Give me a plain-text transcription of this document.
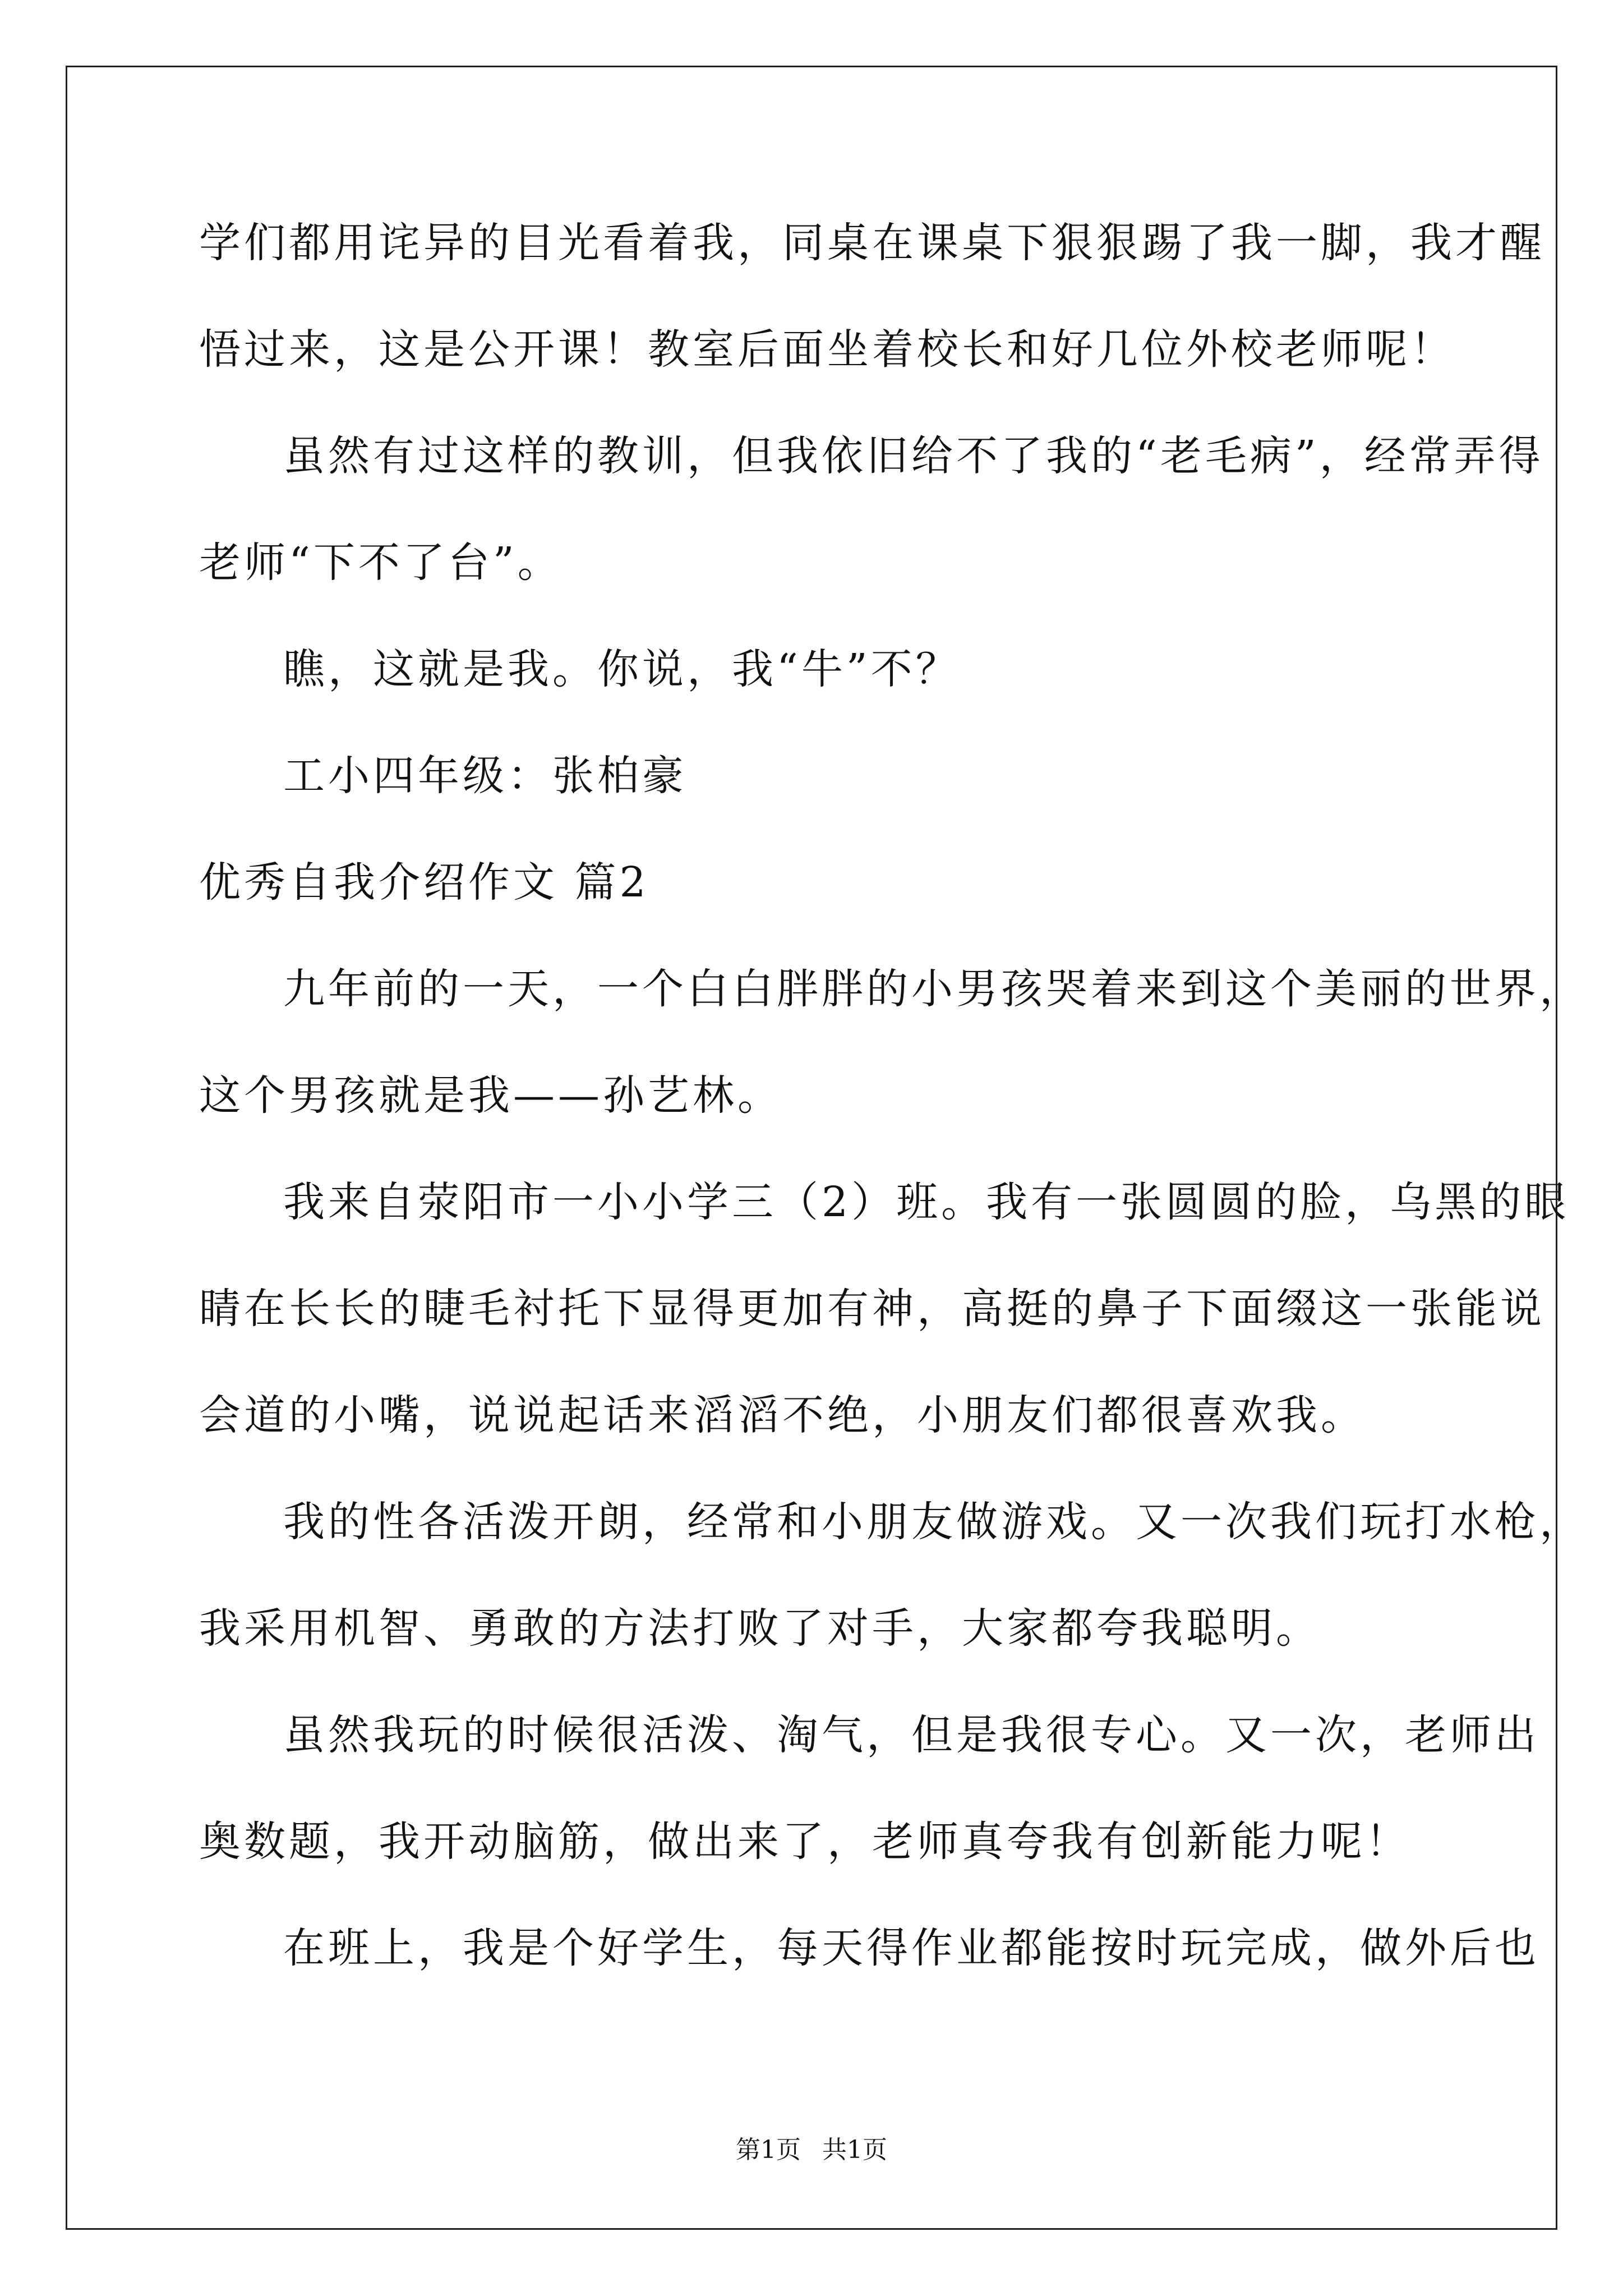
学们都用诧异的目光看着我，同桌在课桌下狠狠踢了我一脚，我才醒
悟过来，这是公开课！教室后面坐着校长和好几位外校老师呢！
虽然有过这样的教训，但我依旧给不了我的“老毛病”，经常弄得
老师“下不了台”。
瞧，这就是我。你说，我“牛”不？
工小四年级：张柏豪
优秀自我介绍作文 篇2
九年前的一天，一个白白胖胖的小男孩哭着来到这个美丽的世界，
这个男孩就是我——孙艺林。
我来自荥阳市一小小学三（2）班。我有一张圆圆的脸，乌黑的眼
睛在长长的睫毛衬托下显得更加有神，高挺的鼻子下面缀这一张能说
会道的小嘴，说说起话来滔滔不绝，小朋友们都很喜欢我。
我的性各活泼开朗，经常和小朋友做游戏。又一次我们玩打水枪，
我采用机智、勇敢的方法打败了对手，大家都夸我聪明。
虽然我玩的时候很活泼、淘气，但是我很专心。又一次，老师出
奥数题，我开动脑筋，做出来了，老师真夸我有创新能力呢！
在班上，我是个好学生，每天得作业都能按时玩完成，做外后也
第1页 共1页
